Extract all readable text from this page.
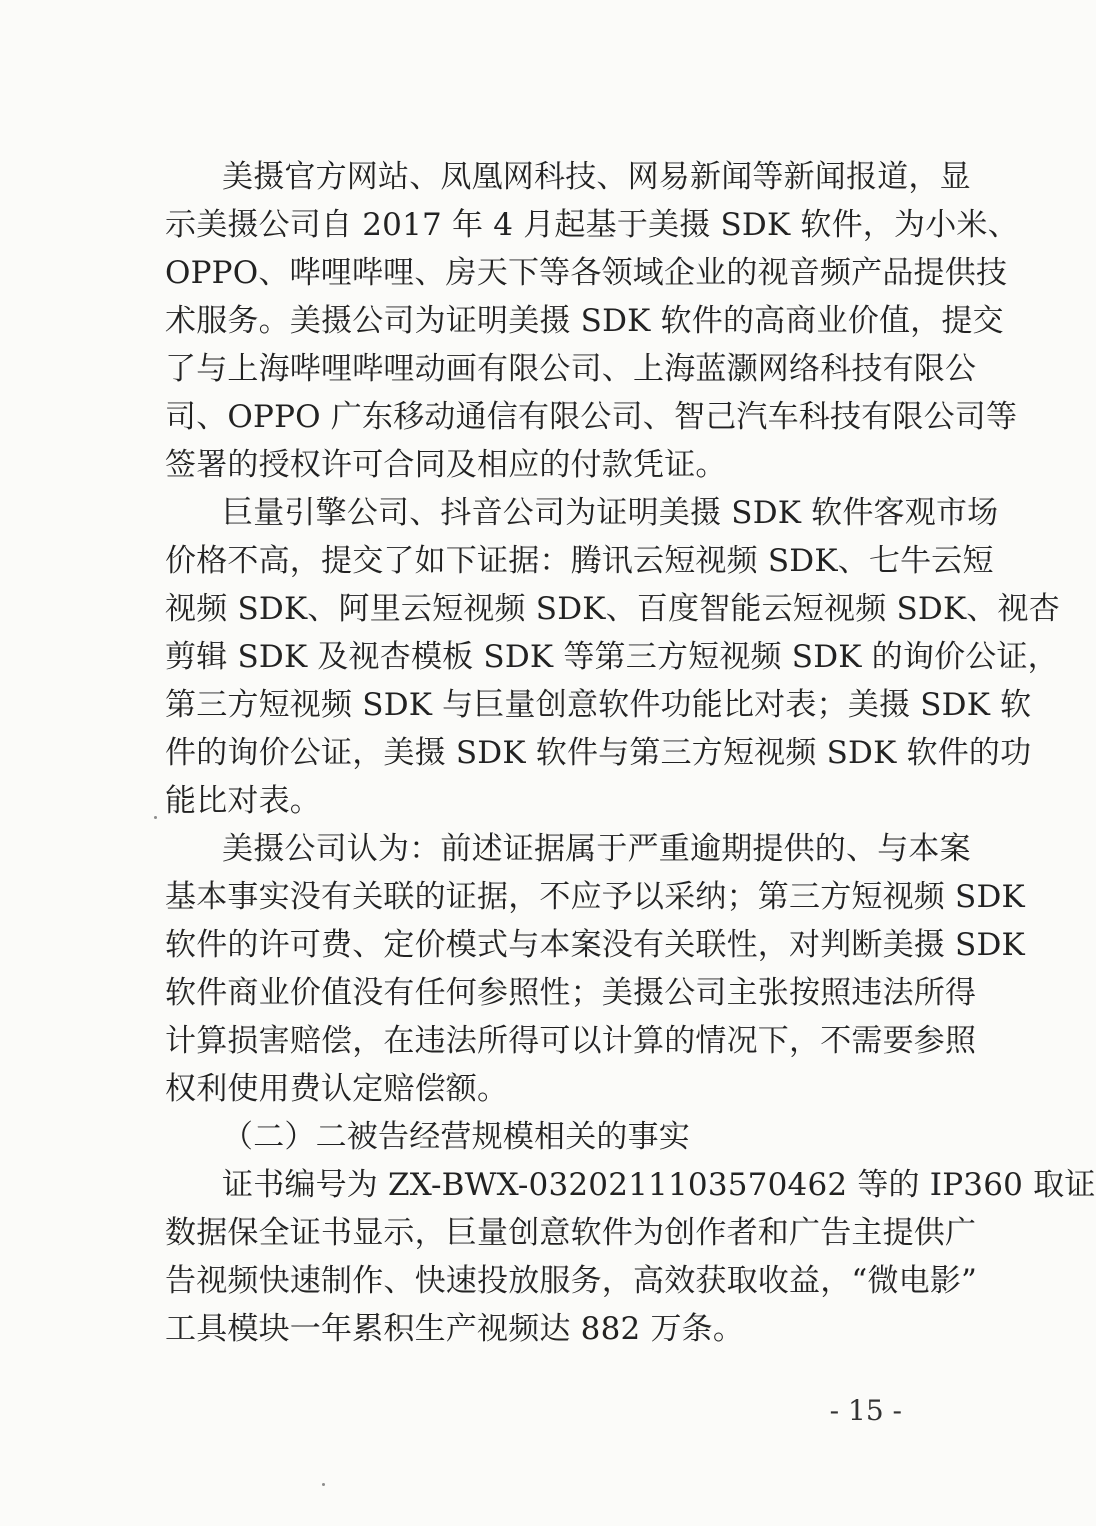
美摄官方网站、凤凰网科技、网易新闻等新闻报道，显
示美摄公司自 2017 年 4 月起基于美摄 SDK 软件，为小米、
OPPO、哔哩哔哩、房天下等各领域企业的视音频产品提供技
术服务。美摄公司为证明美摄 SDK 软件的高商业价值，提交
了与上海哔哩哔哩动画有限公司、上海蓝灏网络科技有限公
司、OPPO 广东移动通信有限公司、智己汽车科技有限公司等
签署的授权许可合同及相应的付款凭证。
巨量引擎公司、抖音公司为证明美摄 SDK 软件客观市场
价格不高，提交了如下证据：腾讯云短视频 SDK、七牛云短
视频 SDK、阿里云短视频 SDK、百度智能云短视频 SDK、视杏
剪辑 SDK 及视杏模板 SDK 等第三方短视频 SDK 的询价公证，
第三方短视频 SDK 与巨量创意软件功能比对表；美摄 SDK 软
件的询价公证，美摄 SDK 软件与第三方短视频 SDK 软件的功
能比对表。
美摄公司认为：前述证据属于严重逾期提供的、与本案
基本事实没有关联的证据，不应予以采纳；第三方短视频 SDK
软件的许可费、定价模式与本案没有关联性，对判断美摄 SDK
软件商业价值没有任何参照性；美摄公司主张按照违法所得
计算损害赔偿，在违法所得可以计算的情况下，不需要参照
权利使用费认定赔偿额。
（二）二被告经营规模相关的事实
证书编号为 ZX-BWX-0320211103570462 等的 IP360 取证
数据保全证书显示，巨量创意软件为创作者和广告主提供广
告视频快速制作、快速投放服务，高效获取收益，“微电影”
工具模块一年累积生产视频达 882 万条。
- 15 -
